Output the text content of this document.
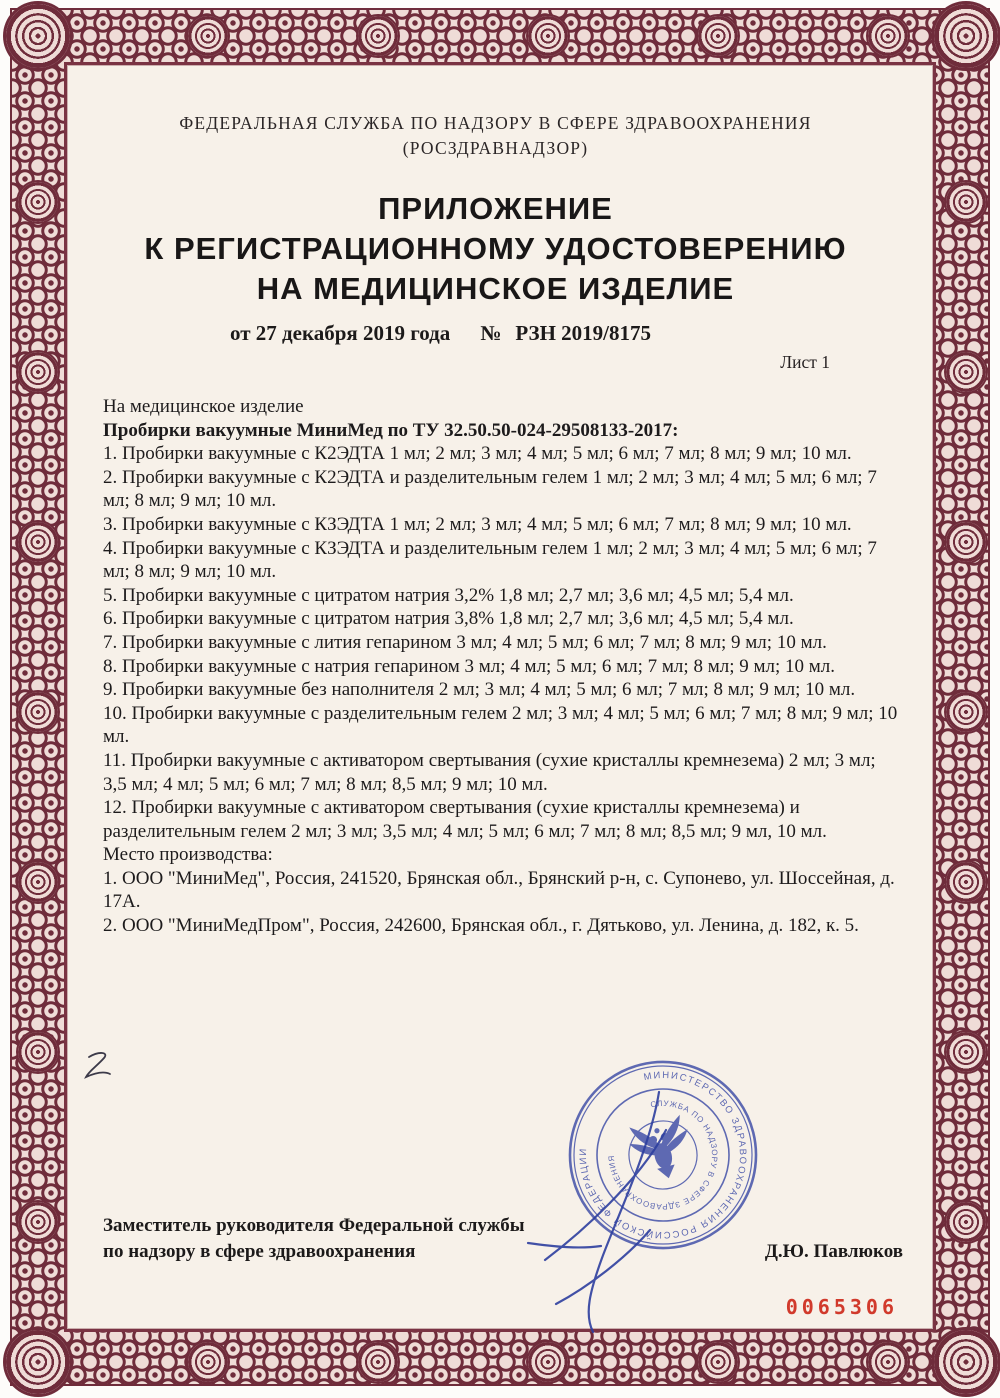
ФЕДЕРАЛЬНАЯ СЛУЖБА ПО НАДЗОРУ В СФЕРЕ ЗДРАВООХРАНЕНИЯ
(РОСЗДРАВНАДЗОР)
ПРИЛОЖЕНИЕ
К РЕГИСТРАЦИОННОМУ УДОСТОВЕРЕНИЮ
НА МЕДИЦИНСКОЕ ИЗДЕЛИЕ
от 27 декабря 2019 года № РЗН 2019/8175
Лист 1

На медицинское изделие

Пробирки вакуумные МиниМед по ТУ 32.50.50-024-29508133-2017:

1. Пробирки вакуумные с К2ЭДТА 1 мл; 2 мл; 3 мл; 4 мл; 5 мл; 6 мл; 7 мл; 8 мл; 9 мл; 10 мл.

2. Пробирки вакуумные с К2ЭДТА и разделительным гелем 1 мл; 2 мл; 3 мл; 4 мл; 5 мл; 6 мл; 7 мл; 8 мл; 9 мл; 10 мл.

3. Пробирки вакуумные с КЗЭДТА 1 мл; 2 мл; 3 мл; 4 мл; 5 мл; 6 мл; 7 мл; 8 мл; 9 мл; 10 мл.

4. Пробирки вакуумные с КЗЭДТА и разделительным гелем 1 мл; 2 мл; 3 мл; 4 мл; 5 мл; 6 мл; 7 мл; 8 мл; 9 мл; 10 мл.

5. Пробирки вакуумные с цитратом натрия 3,2% 1,8 мл; 2,7 мл; 3,6 мл; 4,5 мл; 5,4 мл.

6. Пробирки вакуумные с цитратом натрия 3,8% 1,8 мл; 2,7 мл; 3,6 мл; 4,5 мл; 5,4 мл.

7. Пробирки вакуумные с лития гепарином 3 мл; 4 мл; 5 мл; 6 мл; 7 мл; 8 мл; 9 мл; 10 мл.

8. Пробирки вакуумные с натрия гепарином 3 мл; 4 мл; 5 мл; 6 мл; 7 мл; 8 мл; 9 мл; 10 мл.

9. Пробирки вакуумные без наполнителя 2 мл; 3 мл; 4 мл; 5 мл; 6 мл; 7 мл; 8 мл; 9 мл; 10 мл.

10. Пробирки вакуумные с разделительным гелем 2 мл; 3 мл; 4 мл; 5 мл; 6 мл; 7 мл; 8 мл; 9 мл; 10 мл.

11. Пробирки вакуумные с активатором свертывания (сухие кристаллы кремнезема) 2 мл; 3 мл; 3,5 мл; 4 мл; 5 мл; 6 мл; 7 мл; 8 мл; 8,5 мл; 9 мл; 10 мл.

12. Пробирки вакуумные с активатором свертывания (сухие кристаллы кремнезема) и разделительным гелем 2 мл; 3 мл; 3,5 мл; 4 мл; 5 мл; 6 мл; 7 мл; 8 мл; 8,5 мл; 9 мл, 10 мл.

Место производства:

1. ООО "МиниМед", Россия, 241520, Брянская обл., Брянский р-н, с. Супонево, ул. Шоссейная, д. 17А.

2. ООО "МиниМедПром", Россия, 242600, Брянская обл., г. Дятьково, ул. Ленина, д. 182, к. 5.

Заместитель руководителя Федеральной службы
по надзору в сфере здравоохранения	Д.Ю. Павлюков
0065306
МИНИСТЕРСТВО ЗДРАВООХРАНЕНИЯ РОССИЙСКОЙ ФЕДЕРАЦИИ
СЛУЖБА ПО НАДЗОРУ В СФЕРЕ ЗДРАВООХРАНЕНИЯ
